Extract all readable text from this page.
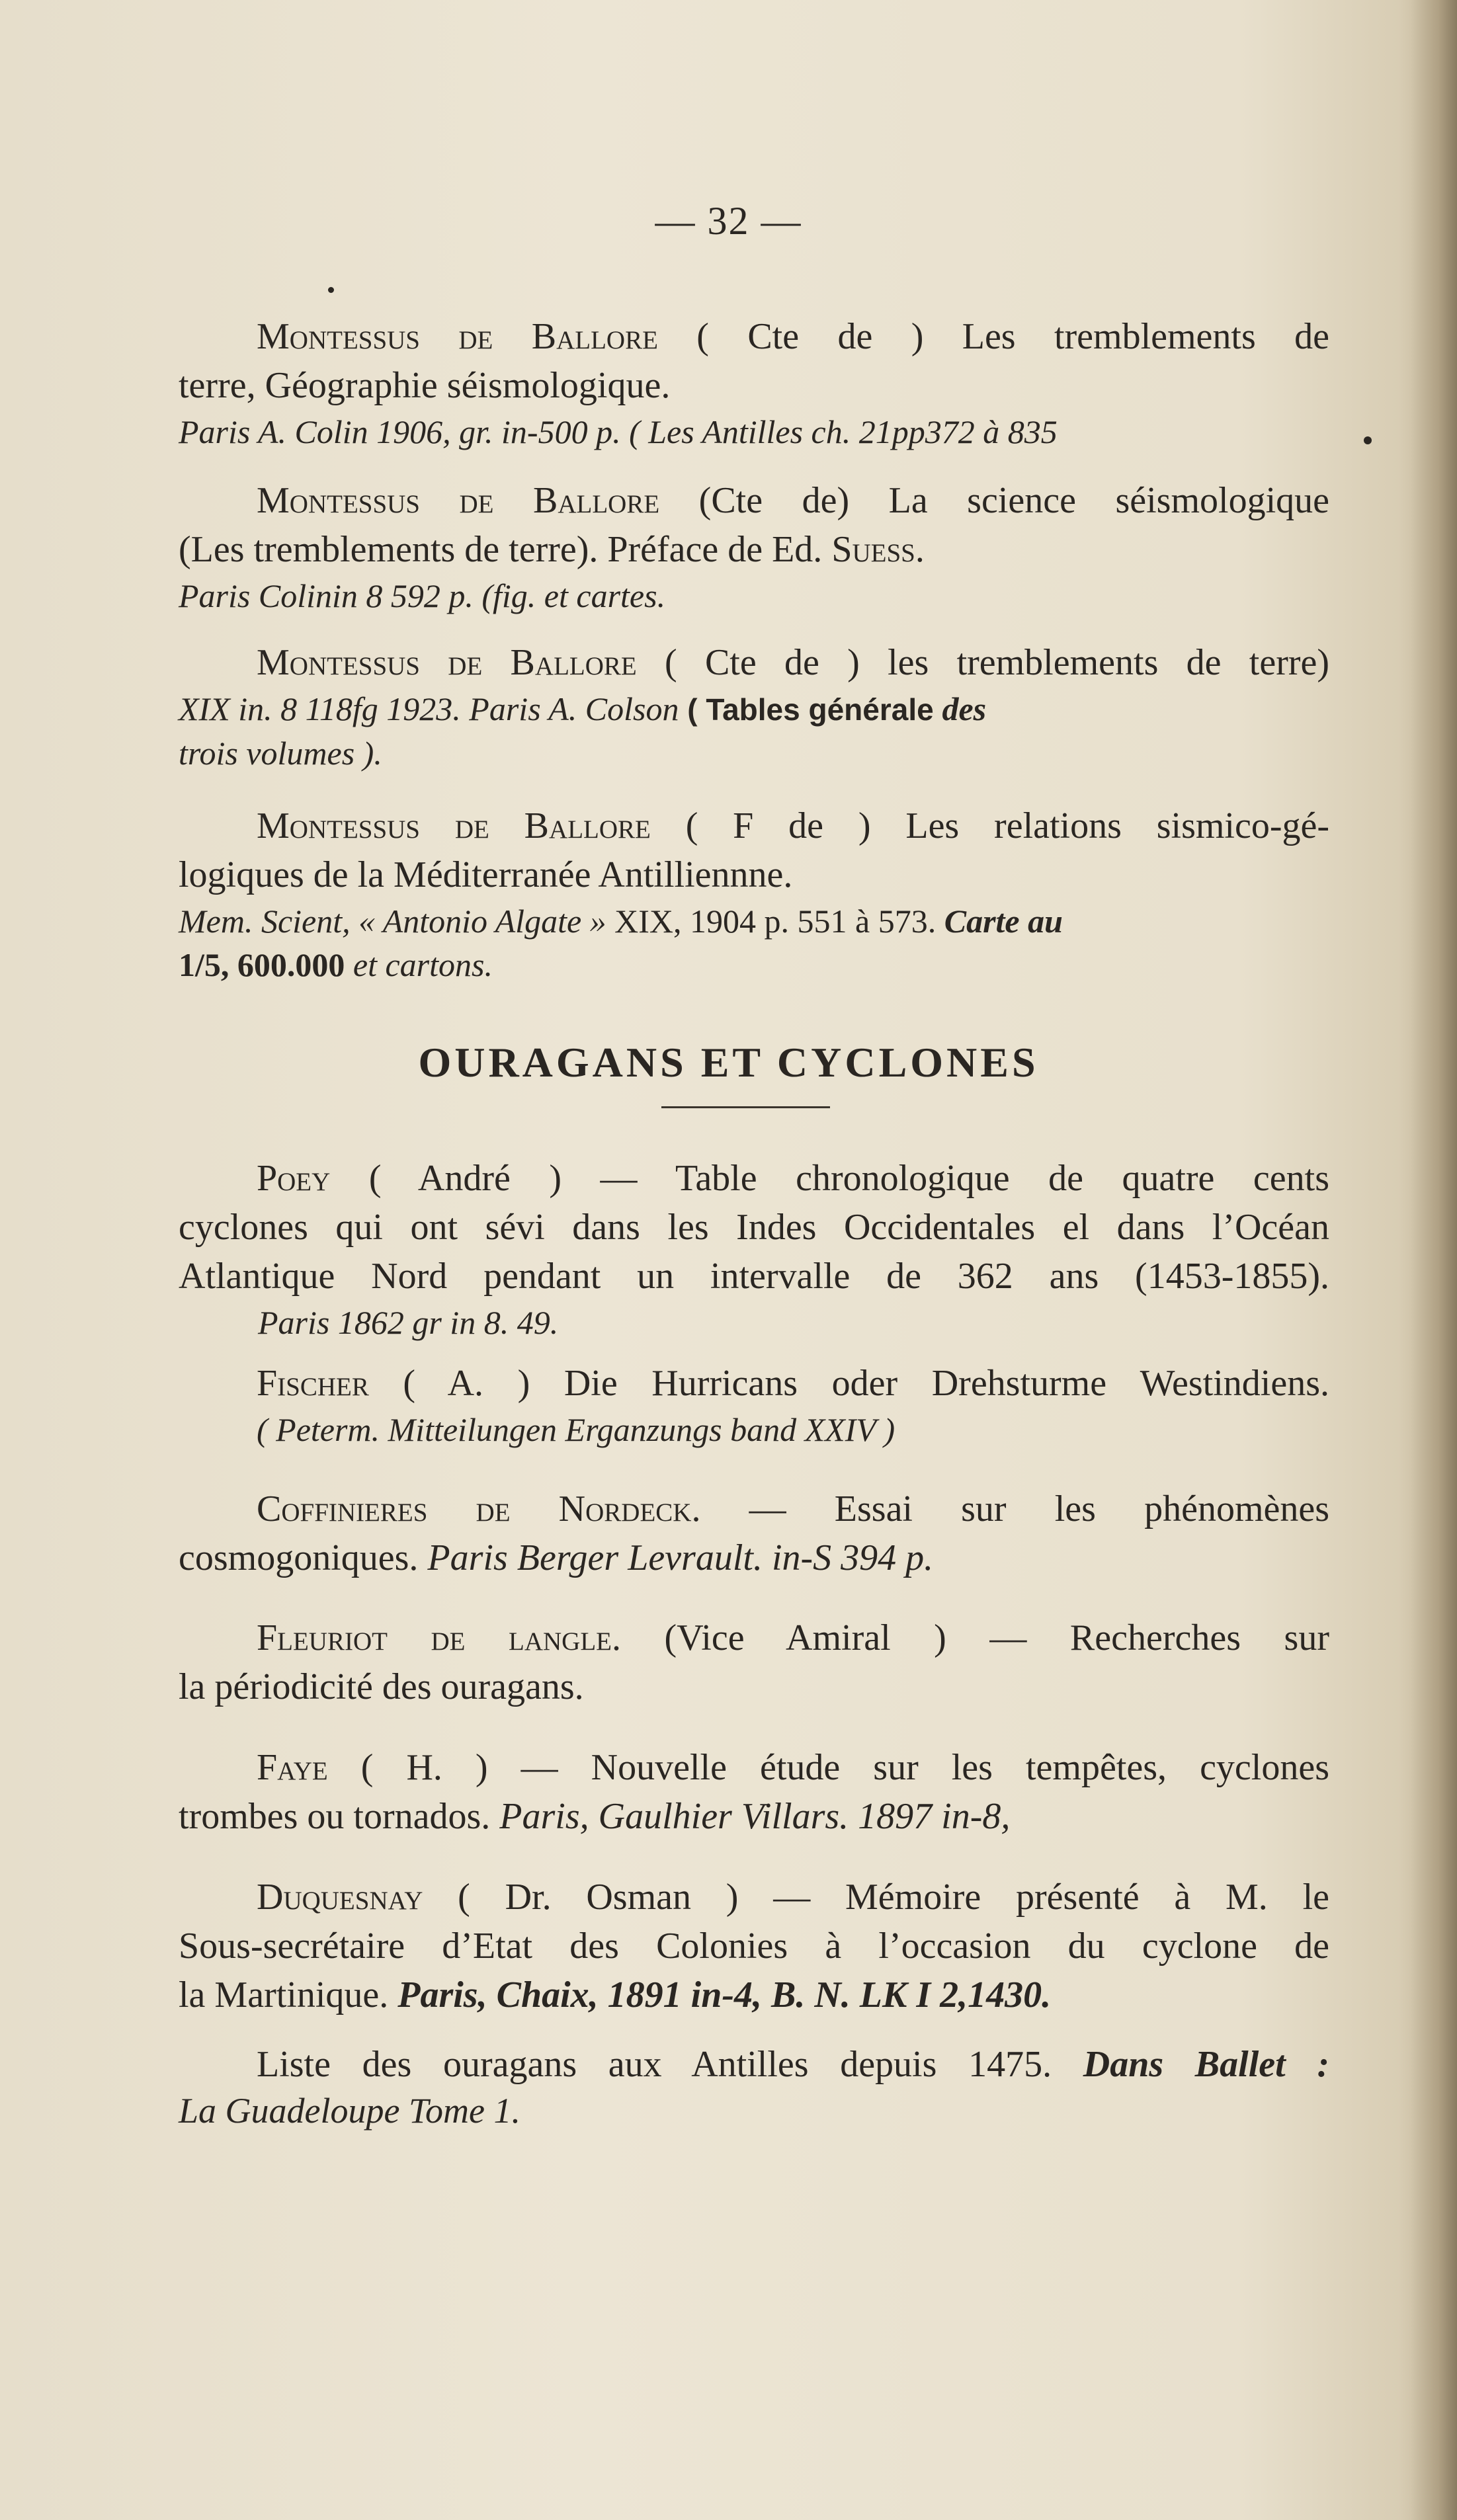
— 32 —
Montessus de Ballore ( Cte de ) Les tremblements de
terre, Géographie séismologique.
Paris A. Colin 1906, gr. in-500 p. ( Les Antilles ch. 21pp372 à 835
Montessus de Ballore (Cte de) La science séismologique
(Les tremblements de terre). Préface de Ed. Suess.
Paris Colinin 8 592 p. (fig. et cartes.
Montessus de Ballore ( Cte de ) les tremblements de terre)
XIX in. 8 118fg 1923. Paris A. Colson ( Tables générale des
trois volumes ).
Montessus de Ballore ( F de ) Les relations sismico-gé-
logiques de la Méditerranée Antilliennne.
Mem. Scient, « Antonio Algate » XIX, 1904 p. 551 à 573. Carte au
1/5, 600.000 et cartons.
OURAGANS ET CYCLONES
Poey ( André ) — Table chronologique de quatre cents
cyclones qui ont sévi dans les Indes Occidentales el dans l’Océan
Atlantique Nord pendant un intervalle de 362 ans (1453-1855).
Paris 1862 gr in 8. 49.
Fischer ( A. ) Die Hurricans oder Drehsturme Westindiens.
( Peterm. Mitteilungen Erganzungs band XXIV )
Coffinieres de Nordeck. — Essai sur les phénomènes
cosmogoniques. Paris Berger Levrault. in-S 394 p.
Fleuriot de langle. (Vice Amiral ) — Recherches sur
la périodicité des ouragans.
Faye ( H. ) — Nouvelle étude sur les tempêtes, cyclones
trombes ou tornados. Paris, Gaulhier Villars. 1897 in-8,
Duquesnay ( Dr. Osman ) — Mémoire présenté à M. le
Sous-secrétaire d’Etat des Colonies à l’occasion du cyclone de
la Martinique. Paris, Chaix, 1891 in-4, B. N. LK I 2,1430.
Liste des ouragans aux Antilles depuis 1475. Dans Ballet :
La Guadeloupe Tome 1.
